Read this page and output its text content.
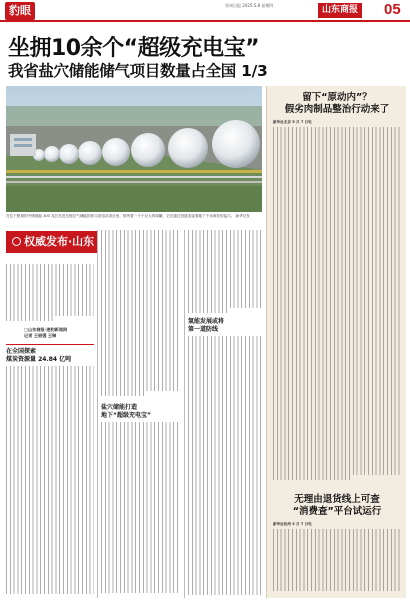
豹眼	贵州日报 2025.5.8 星期四	山东商报 05
坐拥10余个“超级充电宝”
我省盐穴储能储气项目数量占全国 1/3
在位于肥城的中储国能 300 兆瓦先进压缩空气储能国家示范电站项目里，排列着一个个巨大的球罐，它们通过管道连接着地下千米深处的盐穴。 新华社发
权威发布·山东
□山东商报·速豹新闻网
记者 王丽强 王琳
在全国探索
煤炭资源量 24.84 亿吨
盐穴储能打造
地下“超级充电宝”
氢能发展或将
第一道防线
留下“原动内”？
假劣肉制品整治行动来了
新华社北京 5 月 7 日电
无理由退货线上可查
“消费查”平台试运行
新华社杭州 5 月 7 日电
